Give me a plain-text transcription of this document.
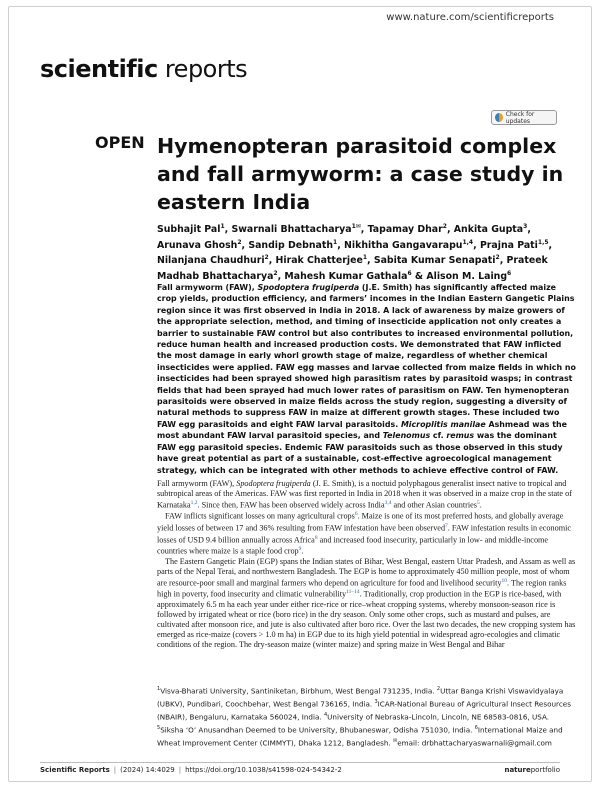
www.nature.com/scientificreports
scientific reports
Check for updates
OPEN Hymenopteran parasitoid complex and fall armyworm: a case study in eastern India
Subhajit Pal$^1$, Swarnali Bhattacharya$^{1✉}$, Tapamay Dhar$^2$, Ankita Gupta$^3$, Arunava Ghosh$^2$, Sandip Debnath$^1$, Nikhitha Gangavarapu$^{1,4}$, Prajna Pati$^{1,5}$, Nilanjana Chaudhuri$^2$, Hirak Chatterjee$^1$, Sabita Kumar Senapati$^2$, Prateek Madhab Bhattacharya$^2$, Mahesh Kumar Gathala$^6$ & Alison M. Laing$^6$
Fall armyworm (FAW), Spodoptera frugiperda (J.E. Smith) has significantly affected maize crop yields, production efficiency, and farmers’ incomes in the Indian Eastern Gangetic Plains region since it was first observed in India in 2018. A lack of awareness by maize growers of the appropriate selection, method, and timing of insecticide application not only creates a barrier to sustainable FAW control but also contributes to increased environmental pollution, reduce human health and increased production costs. We demonstrated that FAW inflicted the most damage in early whorl growth stage of maize, regardless of whether chemical insecticides were applied. FAW egg masses and larvae collected from maize fields in which no insecticides had been sprayed showed high parasitism rates by parasitoid wasps; in contrast fields that had been sprayed had much lower rates of parasitism on FAW. Ten hymenopteran parasitoids were observed in maize fields across the study region, suggesting a diversity of natural methods to suppress FAW in maize at different growth stages. These included two FAW egg parasitoids and eight FAW larval parasitoids. Microplitis manilae Ashmead was the most abundant FAW larval parasitoid species, and Telenomus cf. remus was the dominant FAW egg parasitoid species. Endemic FAW parasitoids such as those observed in this study have great potential as part of a sustainable, cost-effective agroecological management strategy, which can be integrated with other methods to achieve effective control of FAW.

Fall armyworm (FAW), Spodoptera frugiperda (J. E. Smith), is a noctuid polyphagous generalist insect native to tropical and subtropical areas of the Americas. FAW was first reported in India in 2018 when it was observed in a maize crop in the state of Karnataka$^{1,2}$. Since then, FAW has been observed widely across India$^{3,4}$ and other Asian countries$^5$.

FAW inflicts significant losses on many agricultural crops$^6$. Maize is one of its most preferred hosts, and globally average yield losses of between 17 and 36% resulting from FAW infestation have been observed$^7$. FAW infestation results in economic losses of USD 9.4 billion annually across Africa$^8$ and increased food insecurity, particularly in low- and middle-income countries where maize is a staple food crop$^9$.

The Eastern Gangetic Plain (EGP) spans the Indian states of Bihar, West Bengal, eastern Uttar Pradesh, and Assam as well as parts of the Nepal Terai, and northwestern Bangladesh. The EGP is home to approximately 450 million people, most of whom are resource-poor small and marginal farmers who depend on agriculture for food and livelihood security$^{10}$. The region ranks high in poverty, food insecurity and climatic vulnerability$^{11-14}$. Traditionally, crop production in the EGP is rice-based, with approximately 6.5 m ha each year under either rice-rice or rice–wheat cropping systems, whereby monsoon-season rice is followed by irrigated wheat or rice (boro rice) in the dry season. Only some other crops, such as mustard and pulses, are cultivated after monsoon rice, and jute is also cultivated after boro rice. Over the last two decades, the new cropping system has emerged as rice-maize (covers > 1.0 m ha) in EGP due to its high yield potential in widespread agro-ecologies and climatic conditions of the region. The dry-season maize (winter maize) and spring maize in West Bengal and Bihar

$^1$Visva-Bharati University, Santiniketan, Birbhum, West Bengal 731235, India. $^2$Uttar Banga Krishi Viswavidyalaya (UBKV), Pundibari, Coochbehar, West Bengal 736165, India. $^3$ICAR-National Bureau of Agricultural Insect Resources (NBAIR), Bengaluru, Karnataka 560024, India. $^4$University of Nebraska-Lincoln, Lincoln, NE 68583-0816, USA. $^5$Siksha ‘O’ Anusandhan Deemed to be University, Bhubaneswar, Odisha 751030, India. $^6$International Maize and Wheat Improvement Center (CIMMYT), Dhaka 1212, Bangladesh. ✉email: drbhattacharyaswarnali@gmail.com
Scientific Reports | (2024) 14:4029 | https://doi.org/10.1038/s41598-024-54342-2	natureportfolio
